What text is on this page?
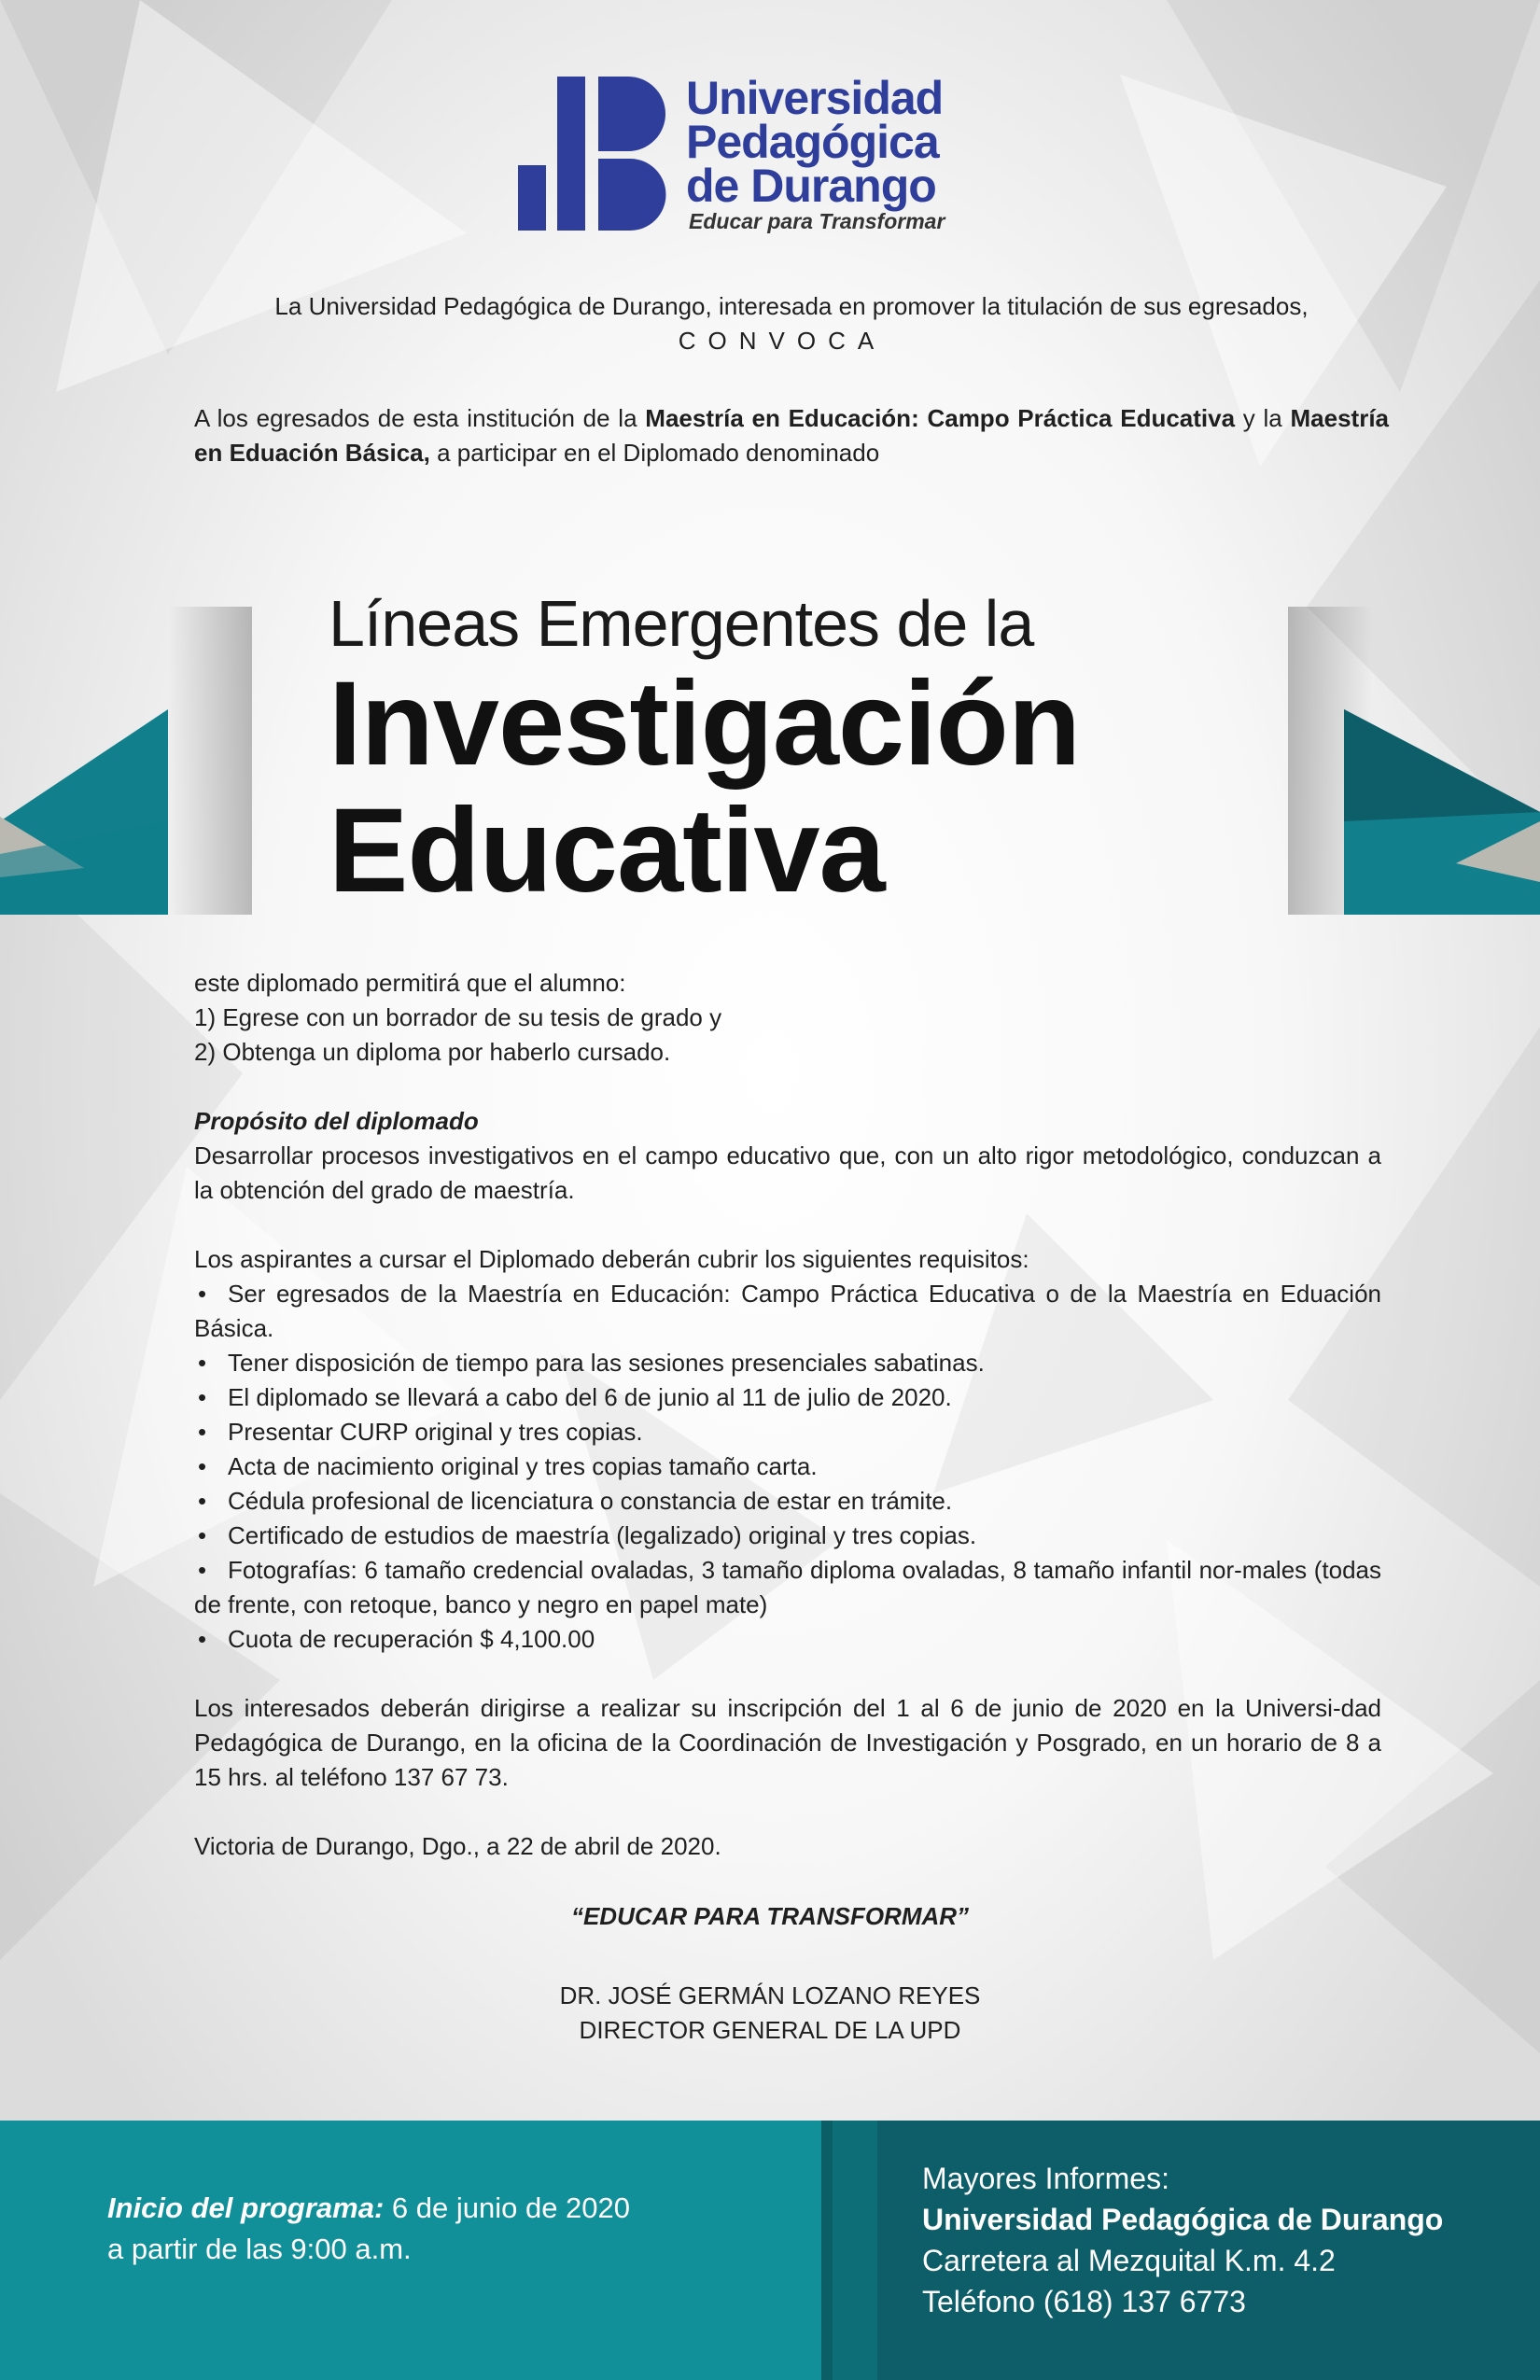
Universidad
Pedagógica
de Durango
Educar para Transformar
La Universidad Pedagógica de Durango, interesada en promover la titulación de sus egresados,
CONVOCA
A los egresados de esta institución de la Maestría en Educación: Campo Práctica Educativa y la Maestría en Eduación Básica, a participar en el Diplomado denominado
Líneas Emergentes de la
Investigación
Educativa
este diplomado permitirá que el alumno:
1) Egrese con un borrador de su tesis de grado y
2) Obtenga un diploma por haberlo cursado.
Propósito del diplomado
Desarrollar procesos investigativos en el campo educativo que, con un alto rigor metodológico, conduzcan a la obtención del grado de maestría.
Los aspirantes a cursar el Diplomado deberán cubrir los siguientes requisitos:
• Ser egresados de la Maestría en Educación: Campo Práctica Educativa o de la Maestría en Eduación Básica.
• Tener disposición de tiempo para las sesiones presenciales sabatinas.
• El diplomado se llevará a cabo del 6 de junio al 11 de julio de 2020.
• Presentar CURP original y tres copias.
• Acta de nacimiento original y tres copias tamaño carta.
• Cédula profesional de licenciatura o constancia de estar en trámite.
• Certificado de estudios de maestría (legalizado) original y tres copias.
• Fotografías: 6 tamaño credencial ovaladas, 3 tamaño diploma ovaladas, 8 tamaño infantil nor-males (todas de frente, con retoque, banco y negro en papel mate)
• Cuota de recuperación $ 4,100.00
Los interesados deberán dirigirse a realizar su inscripción del 1 al 6 de junio de 2020 en la Universi-dad Pedagógica de Durango, en la oficina de la Coordinación de Investigación y Posgrado, en un horario de 8 a 15 hrs. al teléfono 137 67 73.
Victoria de Durango, Dgo., a 22 de abril de 2020.
“EDUCAR PARA TRANSFORMAR”
DR. JOSÉ GERMÁN LOZANO REYES
DIRECTOR GENERAL DE LA UPD
Inicio del programa: 6 de junio de 2020
a partir de las 9:00 a.m.
Mayores Informes:
Universidad Pedagógica de Durango
Carretera al Mezquital K.m. 4.2
Teléfono (618) 137 6773
